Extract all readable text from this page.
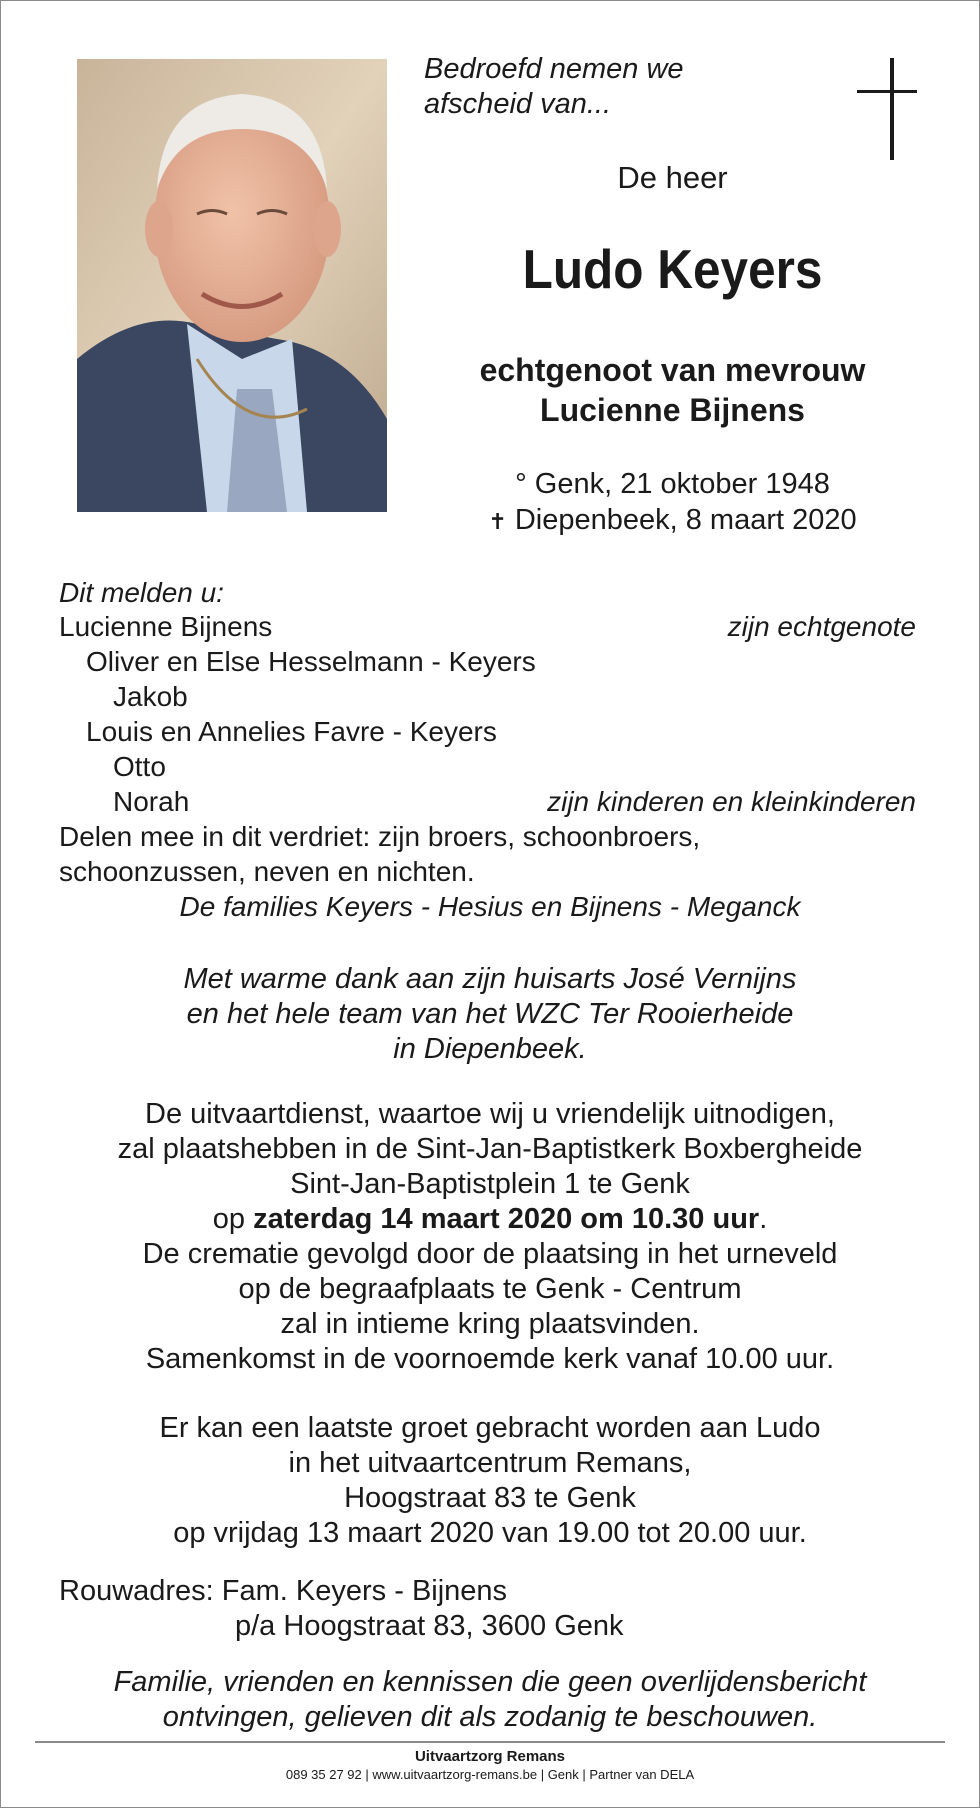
Bedroefd nemen we
afscheid van...
De heer
Ludo Keyers
echtgenoot van mevrouw
Lucienne Bijnens
° Genk, 21 oktober 1948
✝ Diepenbeek, 8 maart 2020
Dit melden u:
Lucienne Bijnens	zijn echtgenote
Oliver en Else Hesselmann - Keyers
Jakob
Louis en Annelies Favre - Keyers
Otto
Norah	zijn kinderen en kleinkinderen
Delen mee in dit verdriet: zijn broers, schoonbroers,
schoonzussen, neven en nichten.
De families Keyers - Hesius en Bijnens - Meganck
Met warme dank aan zijn huisarts José Vernijns
en het hele team van het WZC Ter Rooierheide
in Diepenbeek.
De uitvaartdienst, waartoe wij u vriendelijk uitnodigen,
zal plaatshebben in de Sint-Jan-Baptistkerk Boxbergheide
Sint-Jan-Baptistplein 1 te Genk
op zaterdag 14 maart 2020 om 10.30 uur.
De crematie gevolgd door de plaatsing in het urneveld
op de begraafplaats te Genk - Centrum
zal in intieme kring plaatsvinden.
Samenkomst in de voornoemde kerk vanaf 10.00 uur.
Er kan een laatste groet gebracht worden aan Ludo
in het uitvaartcentrum Remans,
Hoogstraat 83 te Genk
op vrijdag 13 maart 2020 van 19.00 tot 20.00 uur.
Rouwadres: Fam. Keyers - Bijnens
p/a Hoogstraat 83, 3600 Genk
Familie, vrienden en kennissen die geen overlijdensbericht
ontvingen, gelieven dit als zodanig te beschouwen.
Uitvaartzorg Remans
089 35 27 92 | www.uitvaartzorg-remans.be | Genk | Partner van DELA
